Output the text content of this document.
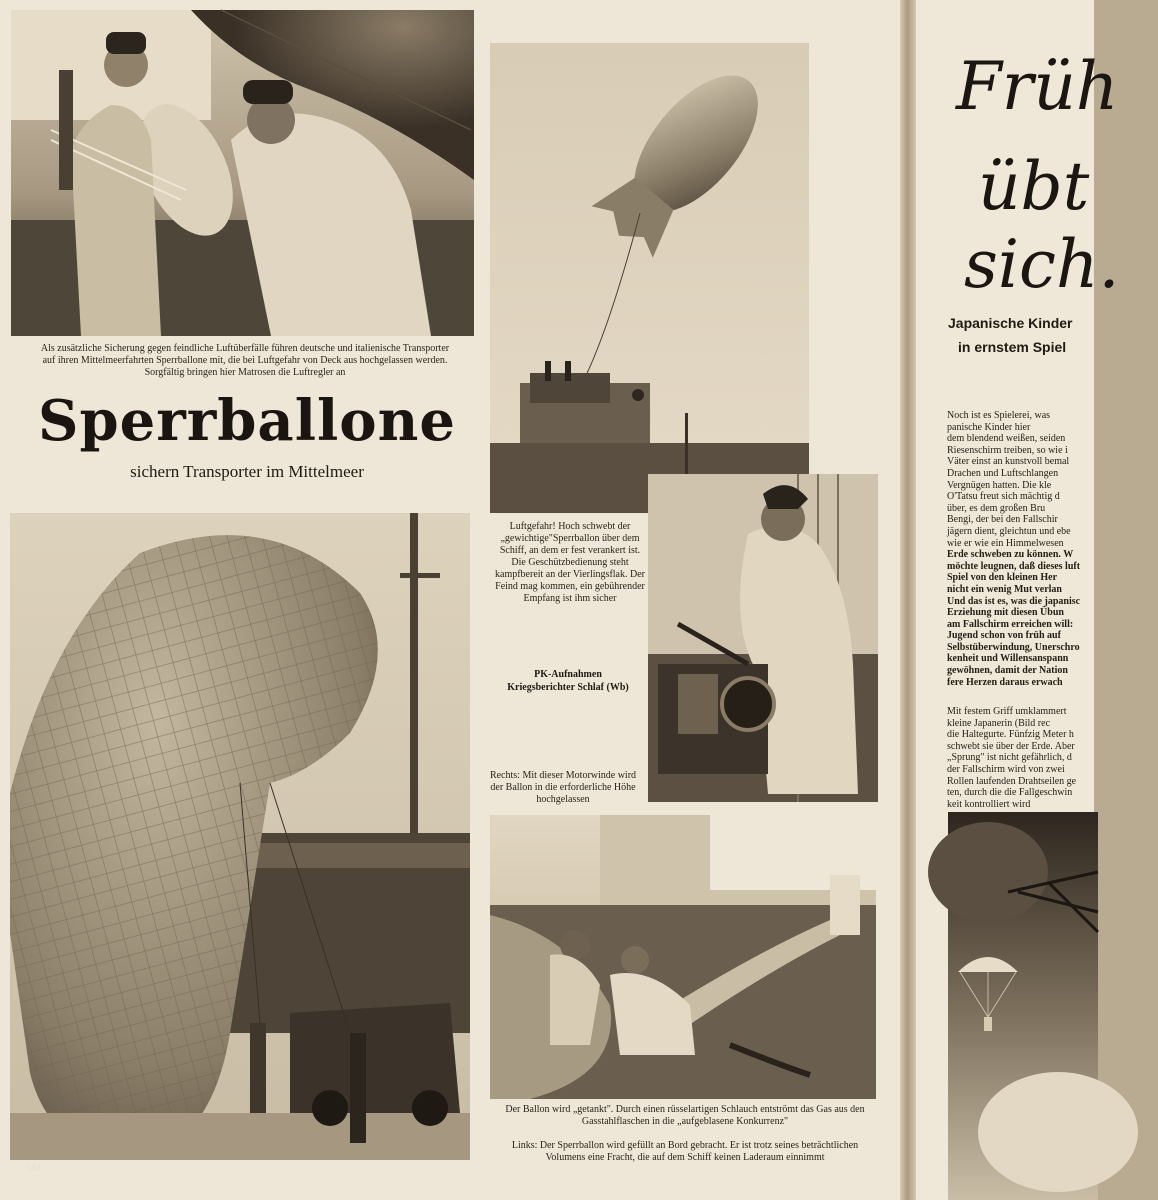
Als zusätzliche Sicherung gegen feindliche Luftüberfälle führen deutsche und italienische Transporter auf ihren Mittelmeerfahrten Sperrballone mit, die bei Luftgefahr von Deck aus hochgelassen werden. Sorgfältig bringen hier Matrosen die Luftregler an

Sperrballone

sichern Transporter im Mittelmeer

Luftgefahr! Hoch schwebt der „gewichtige"Sperrballon über dem Schiff, an dem er fest verankert ist. Die Geschützbedienung steht kampfbereit an der Vierlingsflak. Der Feind mag kommen, ein gebührender Empfang ist ihm sicher

PK-Aufnahmen
Kriegsberichter Schlaf (Wb)

Rechts: Mit dieser Motorwinde wird der Ballon in die erforderliche Höhe hochgelassen

184

Der Ballon wird „getankt". Durch einen rüsselartigen Schlauch entströmt das Gas aus den Gasstahlflaschen in die „aufgeblasene Konkurrenz"

Links: Der Sperrballon wird gefüllt an Bord gebracht. Er ist trotz seines beträchtlichen Volumens eine Fracht, die auf dem Schiff keinen Laderaum einnimmt

Früh

übt

sich.

Japanische Kinder

in ernstem Spiel

Noch ist es Spielerei, was
panische Kinder hier
dem blendend weißen, seiden
Riesenschirm treiben, so wie i
Väter einst an kunstvoll bemal
Drachen und Luftschlangen
Vergnügen hatten. Die kle
O'Tatsu freut sich mächtig d
über, es dem großen Bru
Bengi, der bei den Fallschir
jägern dient, gleichtun und ebe
wie er wie ein Himmelwesen
Erde schweben zu können. W
möchte leugnen, daß dieses luft
Spiel von den kleinen Her
nicht ein wenig Mut verlan
Und das ist es, was die japanisc
Erziehung mit diesen Übun
am Fallschirm erreichen will:
Jugend schon von früh auf
Selbstüberwindung, Unerschro
kenheit und Willensanspann
gewöhnen, damit der Nation
fere Herzen daraus erwach
Mit festem Griff umklammert
kleine Japanerin (Bild rec
die Haltegurte. Fünfzig Meter h
schwebt sie über der Erde. Aber
„Sprung" ist nicht gefährlich, d
der Fallschirm wird von zwei
Rollen laufenden Drahtseilen ge
ten, durch die die Fallgeschwin
keit kontrolliert wird
